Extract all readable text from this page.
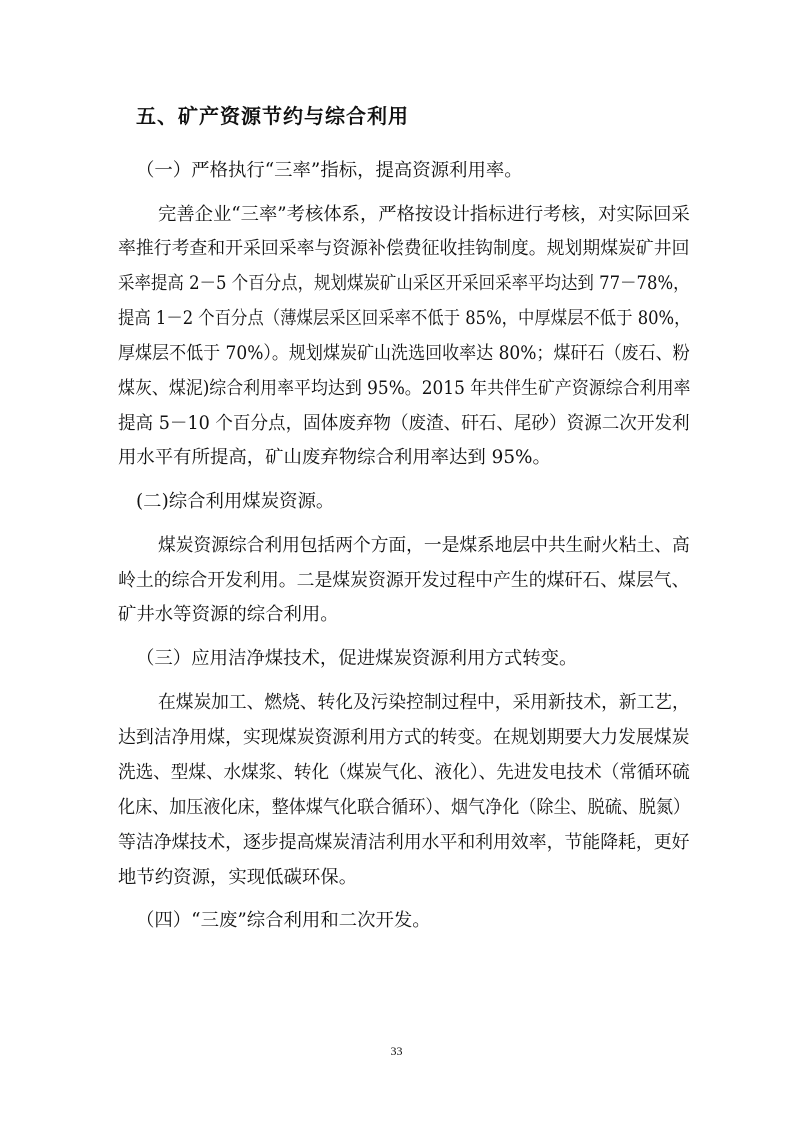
五、矿产资源节约与综合利用
（一）严格执行“三率”指标，提高资源利用率。
完善企业“三率”考核体系，严格按设计指标进行考核，对实际回采
率推行考查和开采回采率与资源补偿费征收挂钩制度。规划期煤炭矿井回
采率提高 2－5 个百分点，规划煤炭矿山采区开采回采率平均达到 77－78%，
提高 1－2 个百分点（薄煤层采区回采率不低于 85%，中厚煤层不低于 80%，
厚煤层不低于 70%）。规划煤炭矿山洗选回收率达 80%；煤矸石（废石、粉
煤灰、煤泥)综合利用率平均达到 95%。2015 年共伴生矿产资源综合利用率
提高 5－10 个百分点，固体废弃物（废渣、矸石、尾砂）资源二次开发利
用水平有所提高，矿山废弃物综合利用率达到 95%。
(二)综合利用煤炭资源。
煤炭资源综合利用包括两个方面，一是煤系地层中共生耐火粘土、高
岭土的综合开发利用。二是煤炭资源开发过程中产生的煤矸石、煤层气、
矿井水等资源的综合利用。
（三）应用洁净煤技术，促进煤炭资源利用方式转变。
在煤炭加工、燃烧、转化及污染控制过程中，采用新技术，新工艺，
达到洁净用煤，实现煤炭资源利用方式的转变。在规划期要大力发展煤炭
洗选、型煤、水煤浆、转化（煤炭气化、液化）、先进发电技术（常循环硫
化床、加压液化床，整体煤气化联合循环）、烟气净化（除尘、脱硫、脱氮）
等洁净煤技术，逐步提高煤炭清洁利用水平和利用效率，节能降耗，更好
地节约资源，实现低碳环保。
（四）“三废”综合利用和二次开发。
33
